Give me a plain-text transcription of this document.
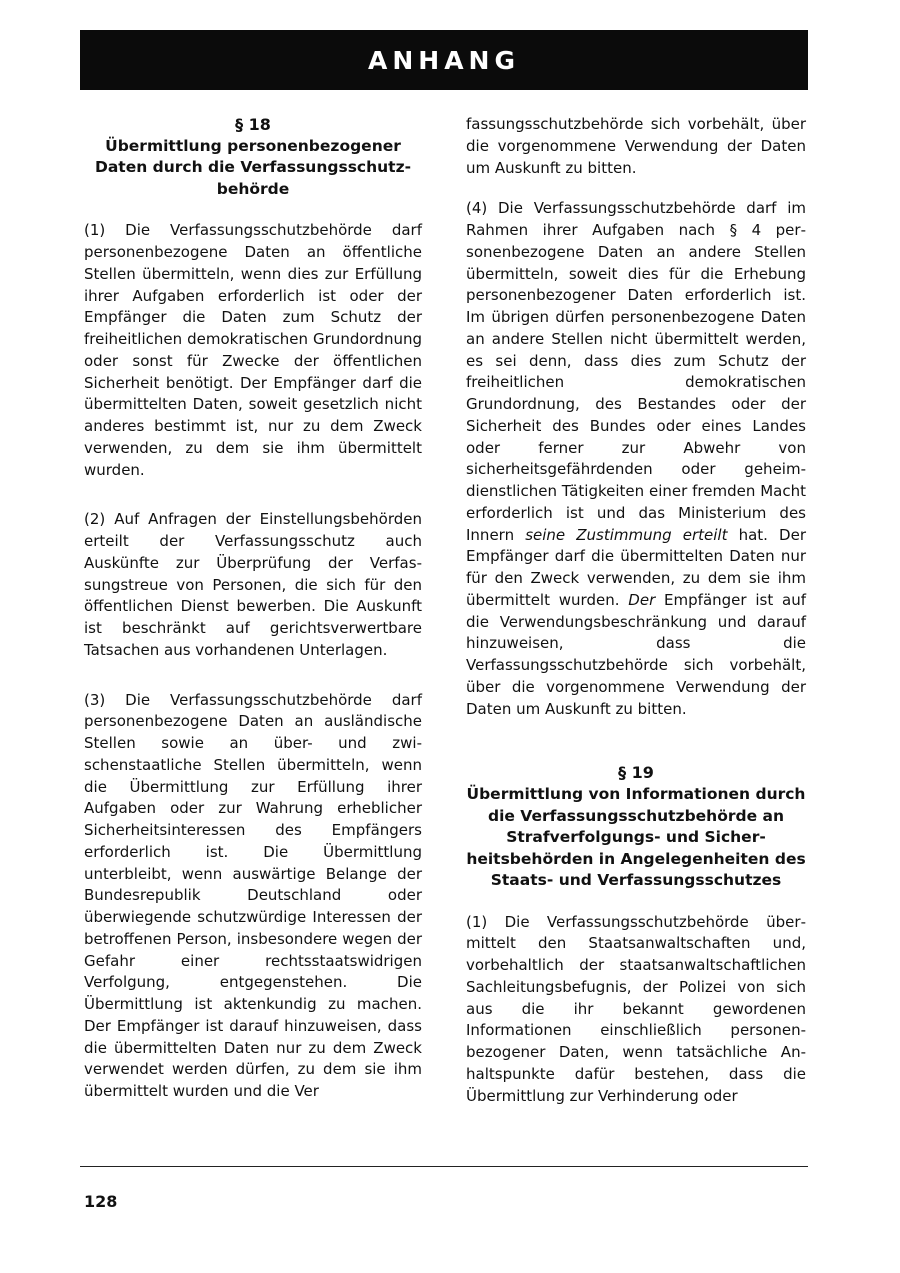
ANHANG
§ 18
Übermittlung personenbezogener Daten durch die Verfassungsschutzbehörde

(1) Die Verfassungsschutzbehörde darf personenbezogene Daten an öffentliche Stellen übermitteln, wenn dies zur Erfüllung ihrer Aufgaben erforderlich ist oder der Empfänger die Daten zum Schutz der freiheitlichen demokratischen Grundordnung oder sonst für Zwecke der öffentlichen Sicherheit benötigt. Der Empfänger darf die übermittelten Daten, soweit gesetzlich nicht anderes bestimmt ist, nur zu dem Zweck verwenden, zu dem sie ihm übermittelt wurden.

(2) Auf Anfragen der Einstellungsbehörden erteilt der Verfassungsschutz auch Auskünfte zur Überprüfung der Verfassungstreue von Personen, die sich für den öffentlichen Dienst bewerben. Die Auskunft ist beschränkt auf gerichtsverwertbare Tatsachen aus vorhandenen Unterlagen.

(3) Die Verfassungsschutzbehörde darf personenbezogene Daten an ausländische Stellen sowie an über- und zwischenstaatliche Stellen übermitteln, wenn die Übermittlung zur Erfüllung ihrer Aufgaben oder zur Wahrung erheblicher Sicherheitsinteressen des Empfängers erforderlich ist. Die Übermittlung unterbleibt, wenn auswärtige Belange der Bundesrepublik Deutschland oder überwiegende schutzwürdige Interessen der betroffenen Person, insbesondere wegen der Gefahr einer rechtsstaatswidrigen Verfolgung, entgegenstehen. Die Übermittlung ist aktenkundig zu machen. Der Empfänger ist darauf hinzuweisen, dass die übermittelten Daten nur zu dem Zweck verwendet werden dürfen, zu dem sie ihm übermittelt wurden und die Ver

fassungsschutzbehörde sich vorbehält, über die vorgenommene Verwendung der Daten um Auskunft zu bitten.

(4) Die Verfassungsschutzbehörde darf im Rahmen ihrer Aufgaben nach § 4 personenbezogene Daten an andere Stellen übermitteln, soweit dies für die Erhebung personenbezogener Daten erforderlich ist. Im übrigen dürfen personenbezogene Daten an andere Stellen nicht übermittelt werden, es sei denn, dass dies zum Schutz der freiheitlichen demokratischen Grundordnung, des Bestandes oder der Sicherheit des Bundes oder eines Landes oder ferner zur Abwehr von sicherheitsgefährdenden oder geheimdienstlichen Tätigkeiten einer fremden Macht erforderlich ist und das Ministerium des Innern seine Zustimmung erteilt hat. Der Empfänger darf die übermittelten Daten nur für den Zweck verwenden, zu dem sie ihm übermittelt wurden. Der Empfänger ist auf die Verwendungsbeschränkung und darauf hinzuweisen, dass die Verfassungsschutzbehörde sich vorbehält, über die vorgenommene Verwendung der Daten um Auskunft zu bitten.

§ 19
Übermittlung von Informationen durch die Verfassungsschutzbehörde an Strafverfolgungs- und Sicherheitsbehörden in Angelegenheiten des Staats- und Verfassungsschutzes

(1) Die Verfassungsschutzbehörde übermittelt den Staatsanwaltschaften und, vorbehaltlich der staatsanwaltschaftlichen Sachleitungsbefugnis, der Polizei von sich aus die ihr bekannt gewordenen Informationen einschließlich personenbezogener Daten, wenn tatsächliche Anhaltspunkte dafür bestehen, dass die Übermittlung zur Verhinderung oder

128
